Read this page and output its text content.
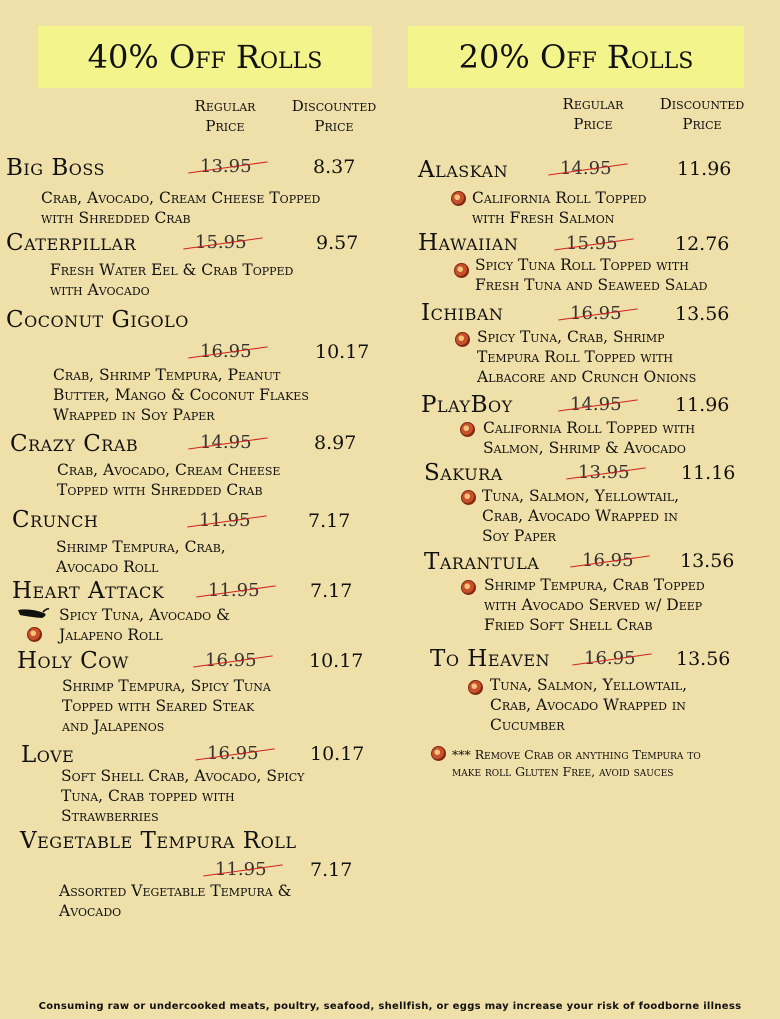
40% Off Rolls	20% Off Rolls
Regular
Price
Discounted
Price
Regular
Price
Discounted
Price
Big Boss	13.95	8.37
Crab, Avocado, Cream Cheese Topped
with Shredded Crab
Caterpillar	15.95	9.57
Fresh Water Eel & Crab Topped
with Avocado
Coconut Gigolo
16.95	10.17
Crab, Shrimp Tempura, Peanut
Butter, Mango & Coconut Flakes
Wrapped in Soy Paper
Crazy Crab	14.95	8.97
Crab, Avocado, Cream Cheese
Topped with Shredded Crab
Crunch	11.95	7.17
Shrimp Tempura, Crab,
Avocado Roll
Heart Attack 11.95	7.17
Spicy Tuna, Avocado &
Jalapeno Roll
Holy Cow	16.95	10.17
Shrimp Tempura, Spicy Tuna
Topped with Seared Steak
and Jalapenos
Love	16.95	10.17
Soft Shell Crab, Avocado, Spicy
Tuna, Crab topped with
Strawberries
Vegetable Tempura Roll
11.95 7.17
Assorted Vegetable Tempura &
Avocado
Alaskan	14.95	11.96
California Roll Topped
with Fresh Salmon
Hawaiian	15.95	12.76
Spicy Tuna Roll Topped with
Fresh Tuna and Seaweed Salad
Ichiban	16.95	13.56
Spicy Tuna, Crab, Shrimp
Tempura Roll Topped with
Albacore and Crunch Onions
PlayBoy	14.95	11.96
California Roll Topped with
Salmon, Shrimp & Avocado
Sakura	13.95	11.16
Tuna, Salmon, Yellowtail,
Crab, Avocado Wrapped in
Soy Paper
Tarantula 16.95 13.56
Shrimp Tempura, Crab Topped
with Avocado Served w/ Deep
Fried Soft Shell Crab
To Heaven 16.95 13.56
Tuna, Salmon, Yellowtail,
Crab, Avocado Wrapped in
Cucumber
*** Remove Crab or anything Tempura to
make roll Gluten Free, avoid sauces
Consuming raw or undercooked meats, poultry, seafood, shellfish, or eggs may increase your risk of foodborne illness
